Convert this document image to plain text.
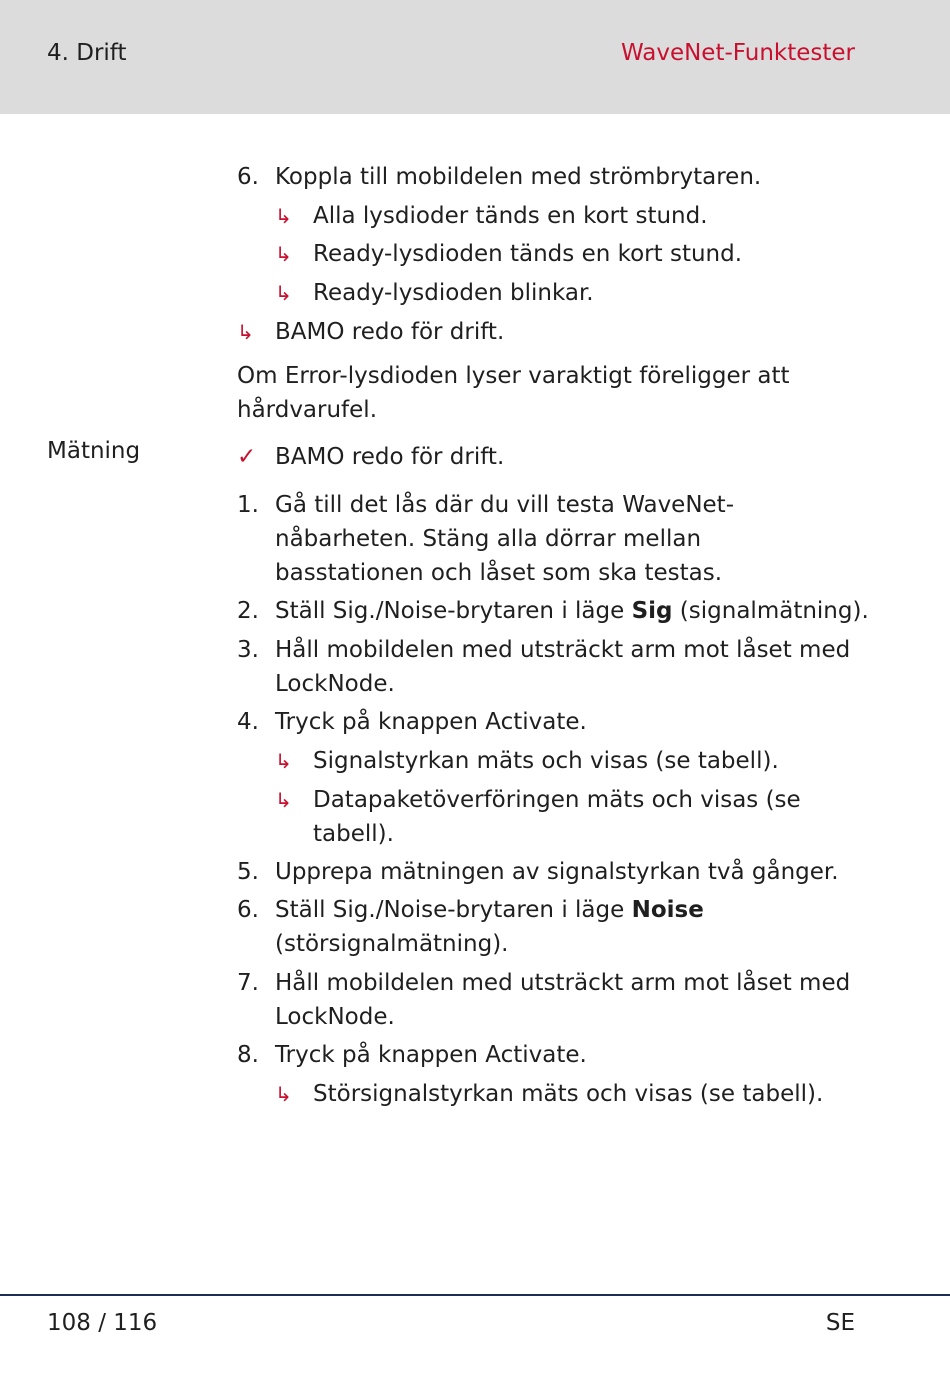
4. Drift	WaveNet-Funktester
6. Koppla till mobildelen med strömbrytaren.
↳ Alla lysdioder tänds en kort stund.
↳ Ready-lysdioden tänds en kort stund.
↳ Ready-lysdioden blinkar.
↳ BAMO redo för drift.
Om Error-lysdioden lyser varaktigt föreligger att hårdvarufel.
✓ BAMO redo för drift.
1. Gå till det lås där du vill testa WaveNet-nåbarheten. Stäng alla dörrar mellan basstationen och låset som ska testas.
2. Ställ Sig./Noise-brytaren i läge Sig (signalmätning).
3. Håll mobildelen med utsträckt arm mot låset med LockNode.
4. Tryck på knappen Activate.
↳ Signalstyrkan mäts och visas (se tabell).
↳ Datapaketöverföringen mäts och visas (se tabell).
5. Upprepa mätningen av signalstyrkan två gånger.
6. Ställ Sig./Noise-brytaren i läge Noise (störsignalmätning).
7. Håll mobildelen med utsträckt arm mot låset med LockNode.
8. Tryck på knappen Activate.
↳ Störsignalstyrkan mäts och visas (se tabell).
Mätning
108 / 116	SE
